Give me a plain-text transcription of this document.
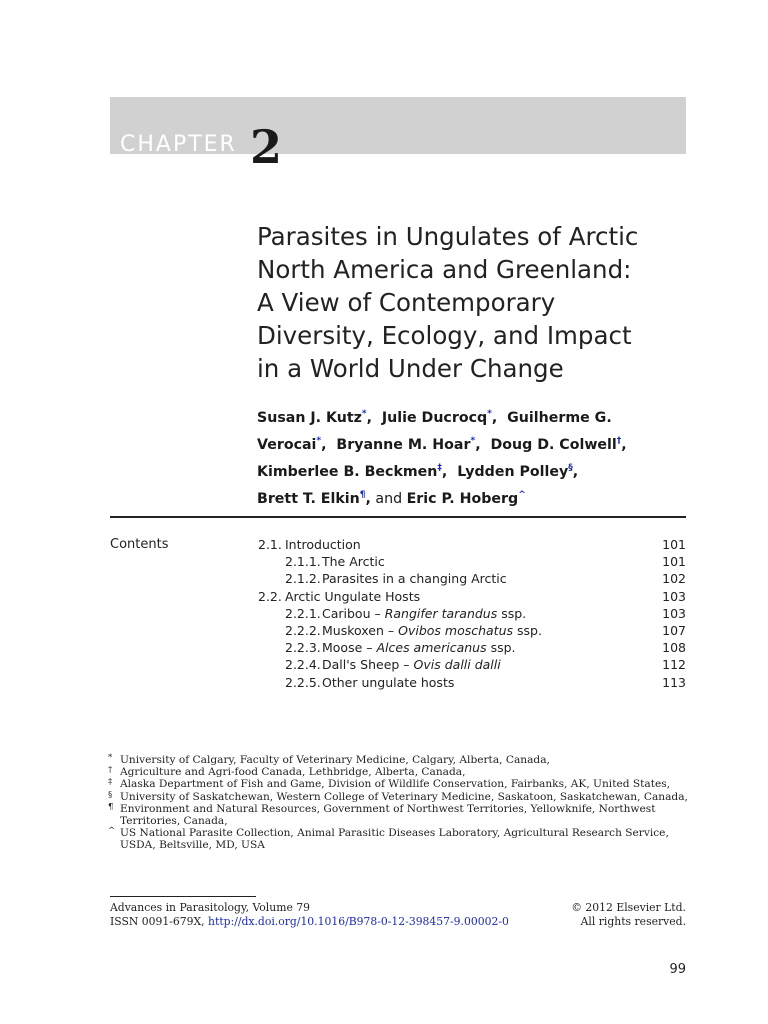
CHAPTER 2
Parasites in Ungulates of Arctic
North America and Greenland:
A View of Contemporary
Diversity, Ecology, and Impact
in a World Under Change
Susan J. Kutz*,  Julie Ducrocq*,  Guilherme G.
Verocai*,  Bryanne M. Hoar*,  Doug D. Colwell†,
Kimberlee B. Beckmen‡,  Lydden Polley§,
Brett T. Elkin¶, and Eric P. Hoberg^
Contents	2.1. Introduction	101
2.1.1. The Arctic	101
2.1.2. Parasites in a changing Arctic	102
2.2. Arctic Ungulate Hosts	103
2.2.1. Caribou – Rangifer tarandus ssp.	103
2.2.2. Muskoxen – Ovibos moschatus ssp.	107
2.2.3. Moose – Alces americanus ssp.	108
2.2.4. Dall's Sheep – Ovis dalli dalli	112
2.2.5. Other ungulate hosts	113
* University of Calgary, Faculty of Veterinary Medicine, Calgary, Alberta, Canada,
† Agriculture and Agri-food Canada, Lethbridge, Alberta, Canada,
‡ Alaska Department of Fish and Game, Division of Wildlife Conservation, Fairbanks, AK, United States,
§ University of Saskatchewan, Western College of Veterinary Medicine, Saskatoon, Saskatchewan, Canada,
¶ Environment and Natural Resources, Government of Northwest Territories, Yellowknife, Northwest Territories, Canada,
^ US National Parasite Collection, Animal Parasitic Diseases Laboratory, Agricultural Research Service, USDA, Beltsville, MD, USA
Advances in Parasitology, Volume 79
ISSN 0091-679X, http://dx.doi.org/10.1016/B978-0-12-398457-9.00002-0
© 2012 Elsevier Ltd.
All rights reserved.
99
